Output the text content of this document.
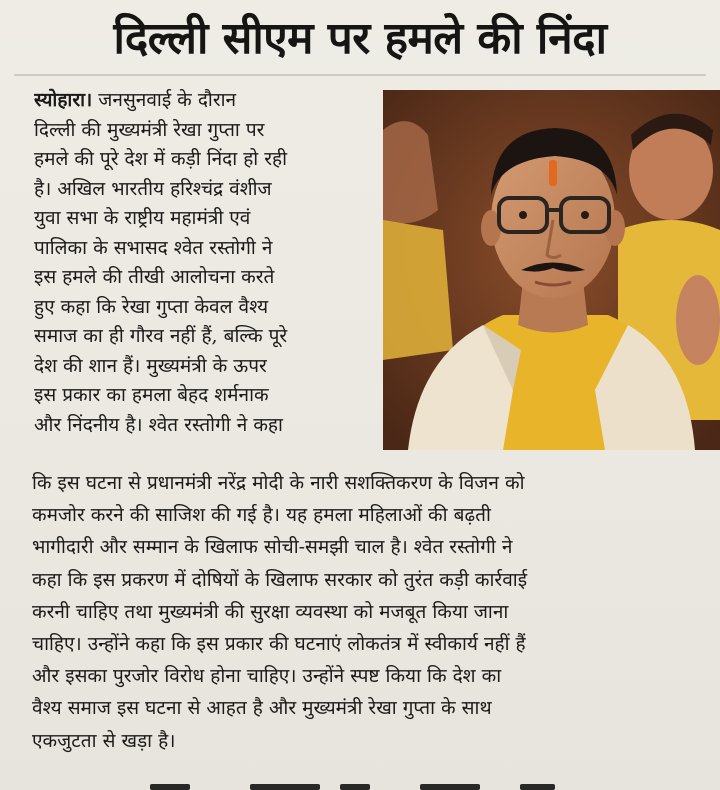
दिल्ली सीएम पर हमले की निंदा
स्योहारा। जनसुनवाई के दौरान
दिल्ली की मुख्यमंत्री रेखा गुप्ता पर
हमले की पूरे देश में कड़ी निंदा हो रही
है। अखिल भारतीय हरिश्चंद्र वंशीज
युवा सभा के राष्ट्रीय महामंत्री एवं
पालिका के सभासद श्वेत रस्तोगी ने
इस हमले की तीखी आलोचना करते
हुए कहा कि रेखा गुप्ता केवल वैश्य
समाज का ही गौरव नहीं हैं, बल्कि पूरे
देश की शान हैं। मुख्यमंत्री के ऊपर
इस प्रकार का हमला बेहद शर्मनाक
और निंदनीय है। श्वेत रस्तोगी ने कहा
कि इस घटना से प्रधानमंत्री नरेंद्र मोदी के नारी सशक्तिकरण के विजन को
कमजोर करने की साजिश की गई है। यह हमला महिलाओं की बढ़ती
भागीदारी और सम्मान के खिलाफ सोची-समझी चाल है। श्वेत रस्तोगी ने
कहा कि इस प्रकरण में दोषियों के खिलाफ सरकार को तुरंत कड़ी कार्रवाई
करनी चाहिए तथा मुख्यमंत्री की सुरक्षा व्यवस्था को मजबूत किया जाना
चाहिए। उन्होंने कहा कि इस प्रकार की घटनाएं लोकतंत्र में स्वीकार्य नहीं हैं
और इसका पुरजोर विरोध होना चाहिए। उन्होंने स्पष्ट किया कि देश का
वैश्य समाज इस घटना से आहत है और मुख्यमंत्री रेखा गुप्ता के साथ
एकजुटता से खड़ा है।
